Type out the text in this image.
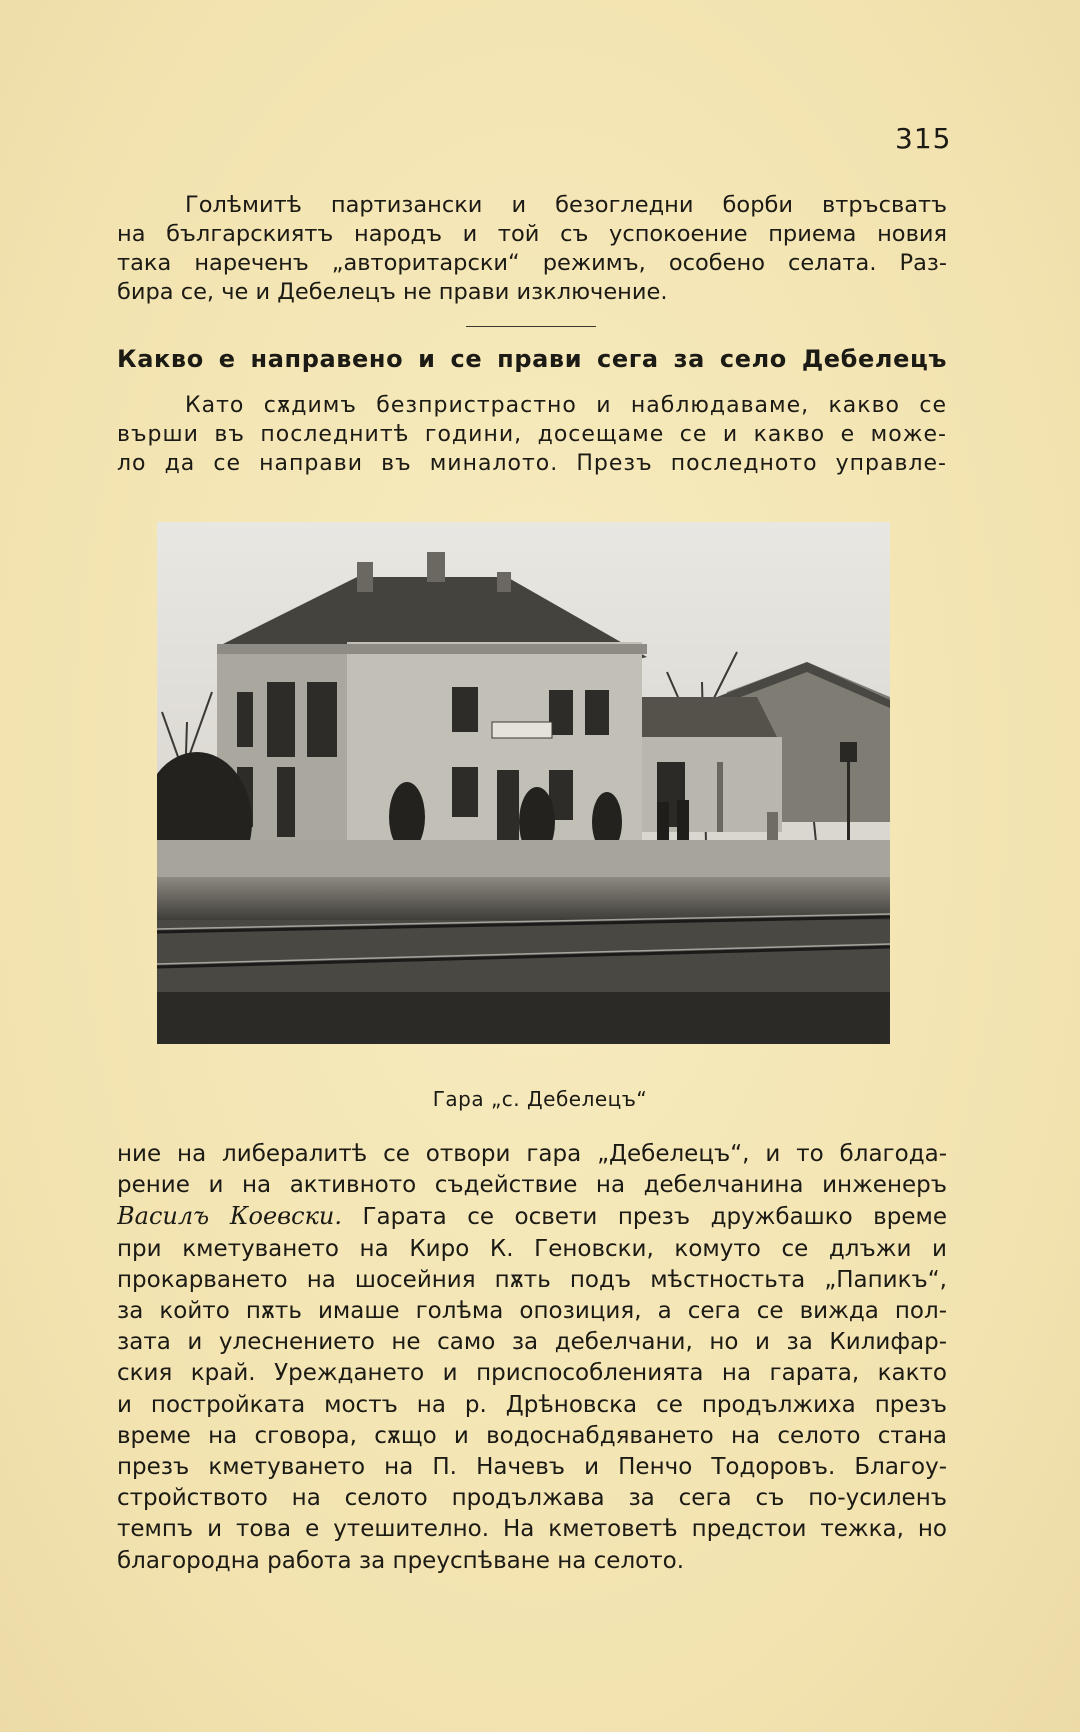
315
Голѣмитѣ партизански и безогледни борби втръсватъ
на българскиятъ народъ и той съ успокоение приема новия
така нареченъ „авторитарски“ режимъ, особено селата. Раз-
бира се, че и Дебелецъ не прави изключение.
Какво е направено и се прави сега за село Дебелецъ
Като сѫдимъ безпристрастно и наблюдаваме, какво се
върши въ последнитѣ години, досещаме се и какво е може-
ло да се направи въ миналото. Презъ последното управле-
Гара „с. Дебелецъ“
ние на либералитѣ се отвори гара „Дебелецъ“, и то благода-
рение и на активното съдействие на дебелчанина инженеръ
Василъ Коевски. Гарата се освети презъ дружбашко време
при кметуването на Киро К. Геновски, комуто се длъжи и
прокарването на шосейния пѫть подъ мѣстностьта „Папикъ“,
за който пѫть имаше голѣма опозиция, а сега се вижда пол-
зата и улеснението не само за дебелчани, но и за Килифар-
ския край. Уреждането и приспособленията на гарата, както
и постройката мостъ на р. Дрѣновска се продължиха презъ
време на сговора, сѫщо и водоснабдяването на селото стана
презъ кметуването на П. Начевъ и Пенчо Тодоровъ. Благоу-
стройството на селото продължава за сега съ по-усиленъ
темпъ и това е утешително. На кметоветѣ предстои тежка, но
благородна работа за преуспѣване на селото.
